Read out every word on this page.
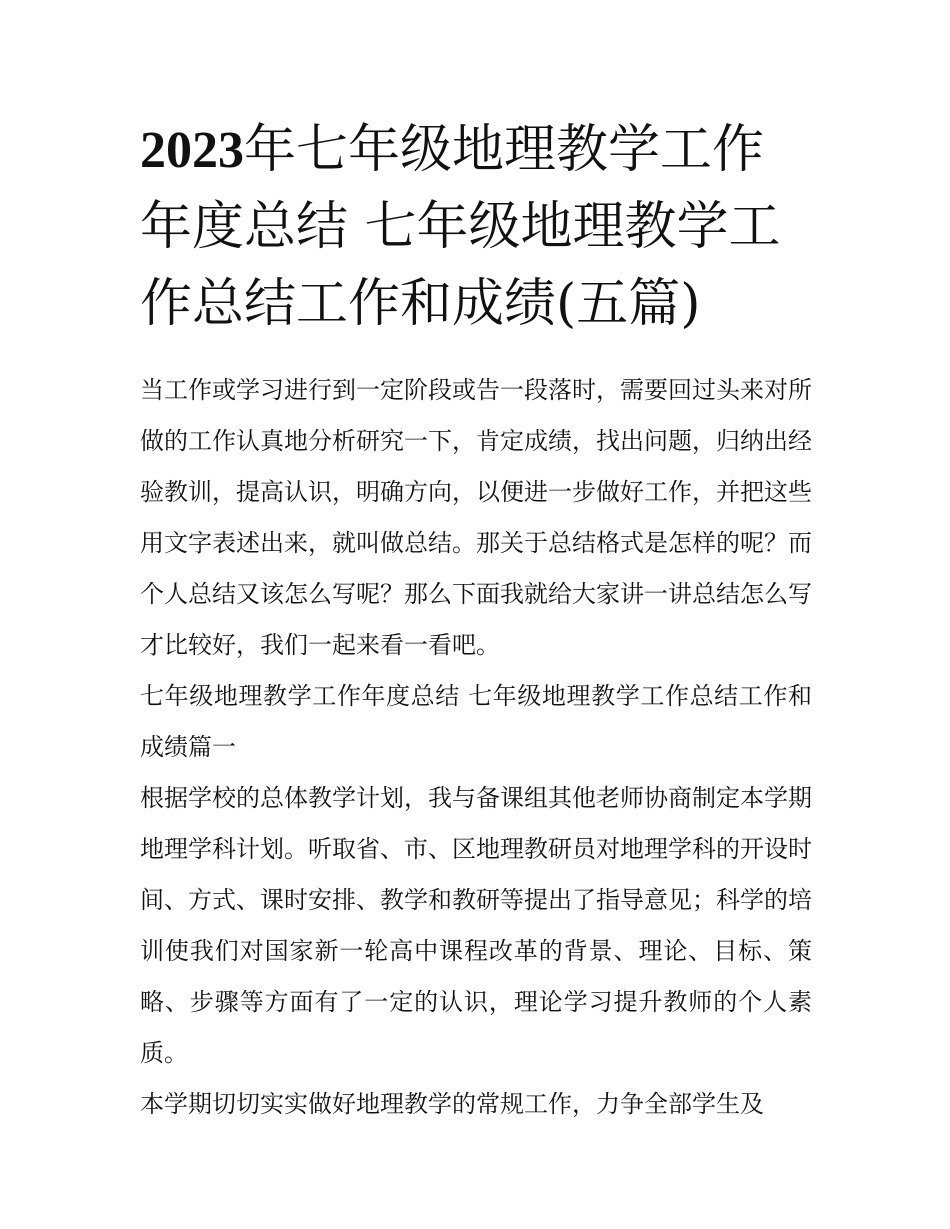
2023年七年级地理教学工作年度总结 七年级地理教学工作总结工作和成绩(五篇)

当工作或学习进行到一定阶段或告一段落时，需要回过头来对所做的工作认真地分析研究一下，肯定成绩，找出问题，归纳出经验教训，提高认识，明确方向，以便进一步做好工作，并把这些用文字表述出来，就叫做总结。那关于总结格式是怎样的呢？而个人总结又该怎么写呢？那么下面我就给大家讲一讲总结怎么写才比较好，我们一起来看一看吧。

七年级地理教学工作年度总结 七年级地理教学工作总结工作和成绩篇一

根据学校的总体教学计划，我与备课组其他老师协商制定本学期地理学科计划。听取省、市、区地理教研员对地理学科的开设时间、方式、课时安排、教学和教研等提出了指导意见；科学的培训使我们对国家新一轮高中课程改革的背景、理论、目标、策略、步骤等方面有了一定的认识，理论学习提升教师的个人素质。

本学期切切实实做好地理教学的常规工作，力争全部学生及
